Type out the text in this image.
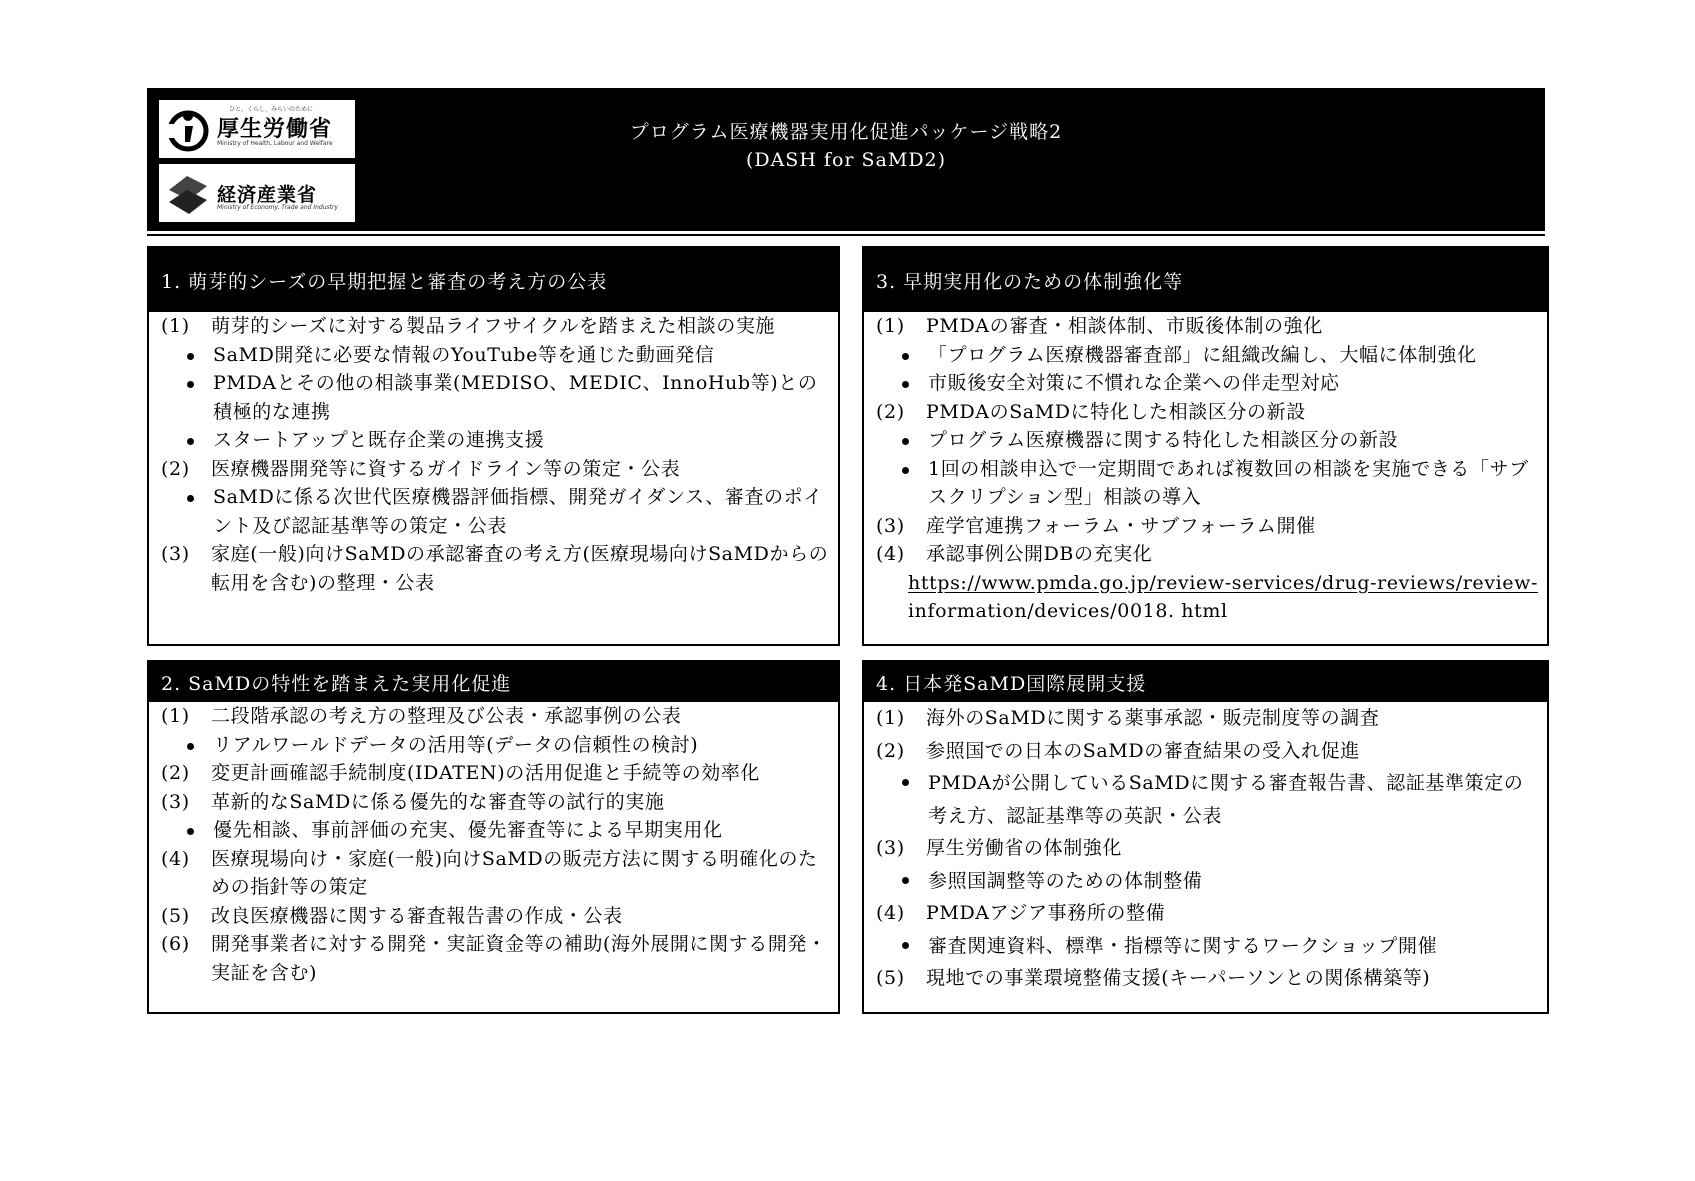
ひと、くらし、みらいのために
厚生労働省
Ministry of Health, Labour and Welfare
経済産業省
Ministry of Economy, Trade and Industry
プログラム医療機器実用化促進パッケージ戦略2
(DASH for SaMD2)
1. 萌芽的シーズの早期把握と審査の考え方の公表
(1) 萌芽的シーズに対する製品ライフサイクルを踏まえた相談の実施
SaMD開発に必要な情報のYouTube等を通じた動画発信
PMDAとその他の相談事業(MEDISO、MEDIC、InnoHub等)との積極的な連携
スタートアップと既存企業の連携支援
(2) 医療機器開発等に資するガイドライン等の策定・公表
SaMDに係る次世代医療機器評価指標、開発ガイダンス、審査のポイント及び認証基準等の策定・公表
(3) 家庭(一般)向けSaMDの承認審査の考え方(医療現場向けSaMDからの転用を含む)の整理・公表
3. 早期実用化のための体制強化等
(1) PMDAの審査・相談体制、市販後体制の強化
「プログラム医療機器審査部」に組織改編し、大幅に体制強化
市販後安全対策に不慣れな企業への伴走型対応
(2) PMDAのSaMDに特化した相談区分の新設
プログラム医療機器に関する特化した相談区分の新設
1回の相談申込で一定期間であれば複数回の相談を実施できる「サブスクリプション型」相談の導入
(3) 産学官連携フォーラム・サブフォーラム開催
(4) 承認事例公開DBの充実化
https://www.pmda.go.jp/review-services/drug-reviews/review-
information/devices/0018. html
2. SaMDの特性を踏まえた実用化促進
(1) 二段階承認の考え方の整理及び公表・承認事例の公表
リアルワールドデータの活用等(データの信頼性の検討)
(2) 変更計画確認手続制度(IDATEN)の活用促進と手続等の効率化
(3) 革新的なSaMDに係る優先的な審査等の試行的実施
優先相談、事前評価の充実、優先審査等による早期実用化
(4) 医療現場向け・家庭(一般)向けSaMDの販売方法に関する明確化のための指針等の策定
(5) 改良医療機器に関する審査報告書の作成・公表
(6) 開発事業者に対する開発・実証資金等の補助(海外展開に関する開発・実証を含む)
4. 日本発SaMD国際展開支援
(1) 海外のSaMDに関する薬事承認・販売制度等の調査
(2) 参照国での日本のSaMDの審査結果の受入れ促進
PMDAが公開しているSaMDに関する審査報告書、認証基準策定の考え方、認証基準等の英訳・公表
(3) 厚生労働省の体制強化
参照国調整等のための体制整備
(4) PMDAアジア事務所の整備
審査関連資料、標準・指標等に関するワークショップ開催
(5) 現地での事業環境整備支援(キーパーソンとの関係構築等)
